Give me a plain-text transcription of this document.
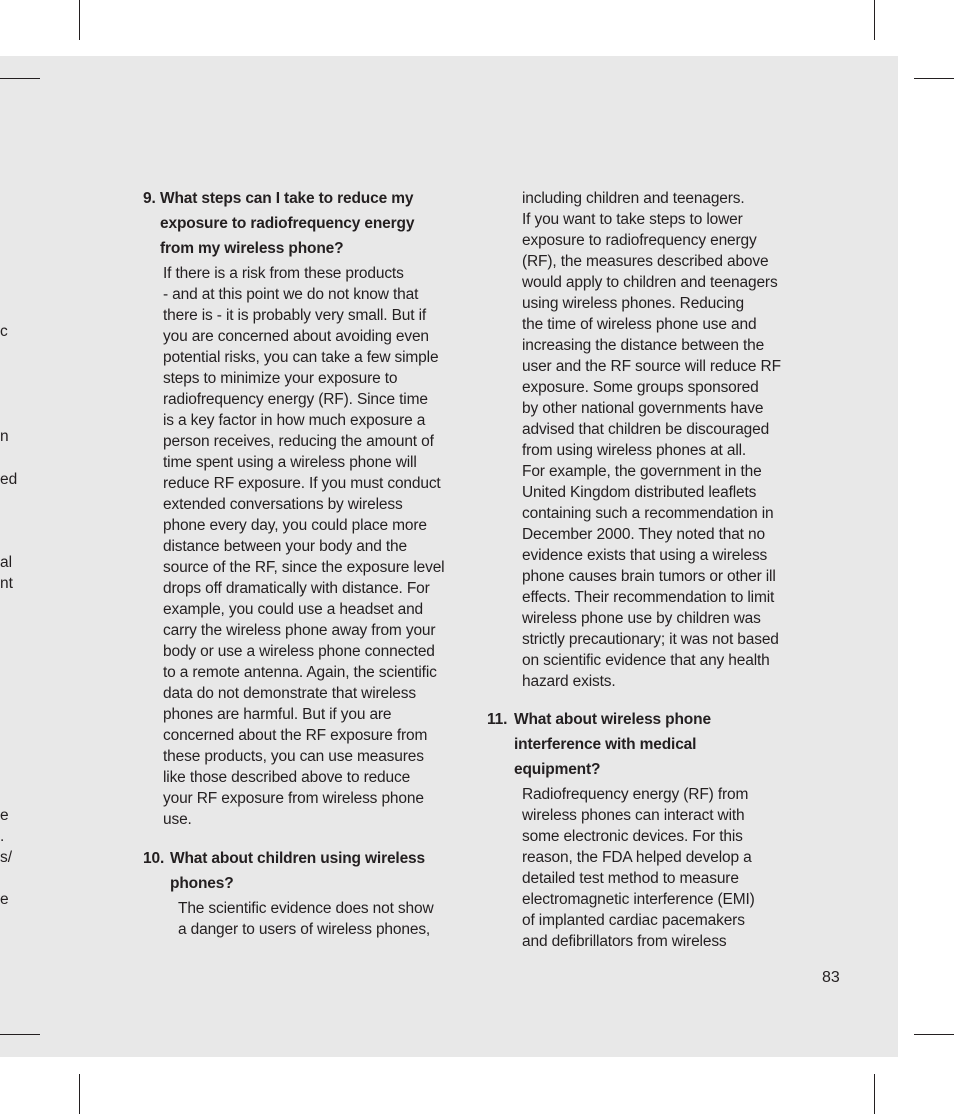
c
n
ed
al
nt
e
.
s/
e
9. What steps can I take to reduce my
exposure to radiofrequency energy
from my wireless phone?
If there is a risk from these products
- and at this point we do not know that
there is - it is probably very small. But if
you are concerned about avoiding even
potential risks, you can take a few simple
steps to minimize your exposure to
radiofrequency energy (RF). Since time
is a key factor in how much exposure a
person receives, reducing the amount of
time spent using a wireless phone will
reduce RF exposure. If you must conduct
extended conversations by wireless
phone every day, you could place more
distance between your body and the
source of the RF, since the exposure level
drops off dramatically with distance. For
example, you could use a headset and
carry the wireless phone away from your
body or use a wireless phone connected
to a remote antenna. Again, the scientific
data do not demonstrate that wireless
phones are harmful. But if you are
concerned about the RF exposure from
these products, you can use measures
like those described above to reduce
your RF exposure from wireless phone
use.
10. What about children using wireless
phones?
The scientific evidence does not show
a danger to users of wireless phones,
including children and teenagers.
If you want to take steps to lower
exposure to radiofrequency energy
(RF), the measures described above
would apply to children and teenagers
using wireless phones. Reducing
the time of wireless phone use and
increasing the distance between the
user and the RF source will reduce RF
exposure. Some groups sponsored
by other national governments have
advised that children be discouraged
from using wireless phones at all.
For example, the government in the
United Kingdom distributed leaflets
containing such a recommendation in
December 2000. They noted that no
evidence exists that using a wireless
phone causes brain tumors or other ill
effects. Their recommendation to limit
wireless phone use by children was
strictly precautionary; it was not based
on scientific evidence that any health
hazard exists.
11. What about wireless phone
interference with medical
equipment?
Radiofrequency energy (RF) from
wireless phones can interact with
some electronic devices. For this
reason, the FDA helped develop a
detailed test method to measure
electromagnetic interference (EMI)
of implanted cardiac pacemakers
and defibrillators from wireless
83
